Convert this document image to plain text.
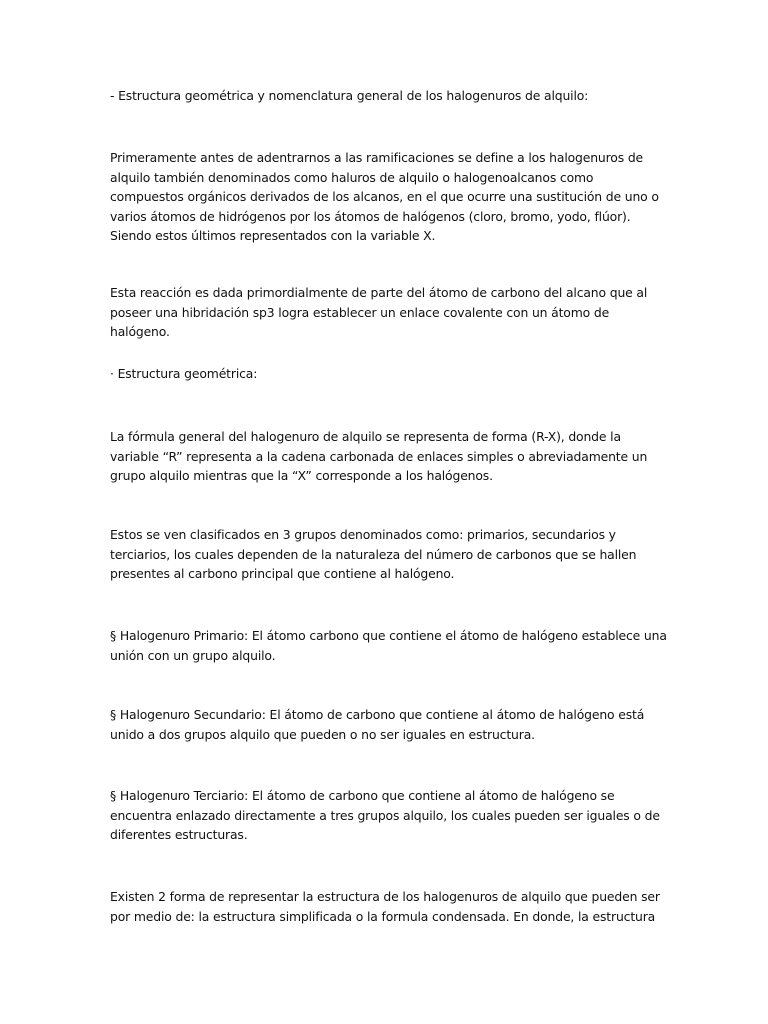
- Estructura geométrica y nomenclatura general de los halogenuros de alquilo:

Primeramente antes de adentrarnos a las ramificaciones se define a los halogenuros de alquilo también denominados como haluros de alquilo o halogenoalcanos como compuestos orgánicos derivados de los alcanos, en el que ocurre una sustitución de uno o varios átomos de hidrógenos por los átomos de halógenos (cloro, bromo, yodo, flúor). Siendo estos últimos representados con la variable X.

Esta reacción es dada primordialmente de parte del átomo de carbono del alcano que al poseer una hibridación sp3 logra establecer un enlace covalente con un átomo de halógeno.

· Estructura geométrica:

La fórmula general del halogenuro de alquilo se representa de forma (R-X), donde la variable “R” representa a la cadena carbonada de enlaces simples o abreviadamente un grupo alquilo mientras que la “X” corresponde a los halógenos.

Estos se ven clasificados en 3 grupos denominados como: primarios, secundarios y terciarios, los cuales dependen de la naturaleza del número de carbonos que se hallen presentes al carbono principal que contiene al halógeno.

§ Halogenuro Primario: El átomo carbono que contiene el átomo de halógeno establece una unión con un grupo alquilo.

§ Halogenuro Secundario: El átomo de carbono que contiene al átomo de halógeno está unido a dos grupos alquilo que pueden o no ser iguales en estructura.

§ Halogenuro Terciario: El átomo de carbono que contiene al átomo de halógeno se encuentra enlazado directamente a tres grupos alquilo, los cuales pueden ser iguales o de diferentes estructuras.

Existen 2 forma de representar la estructura de los halogenuros de alquilo que pueden ser por medio de: la estructura simplificada o la formula condensada. En donde, la estructura
